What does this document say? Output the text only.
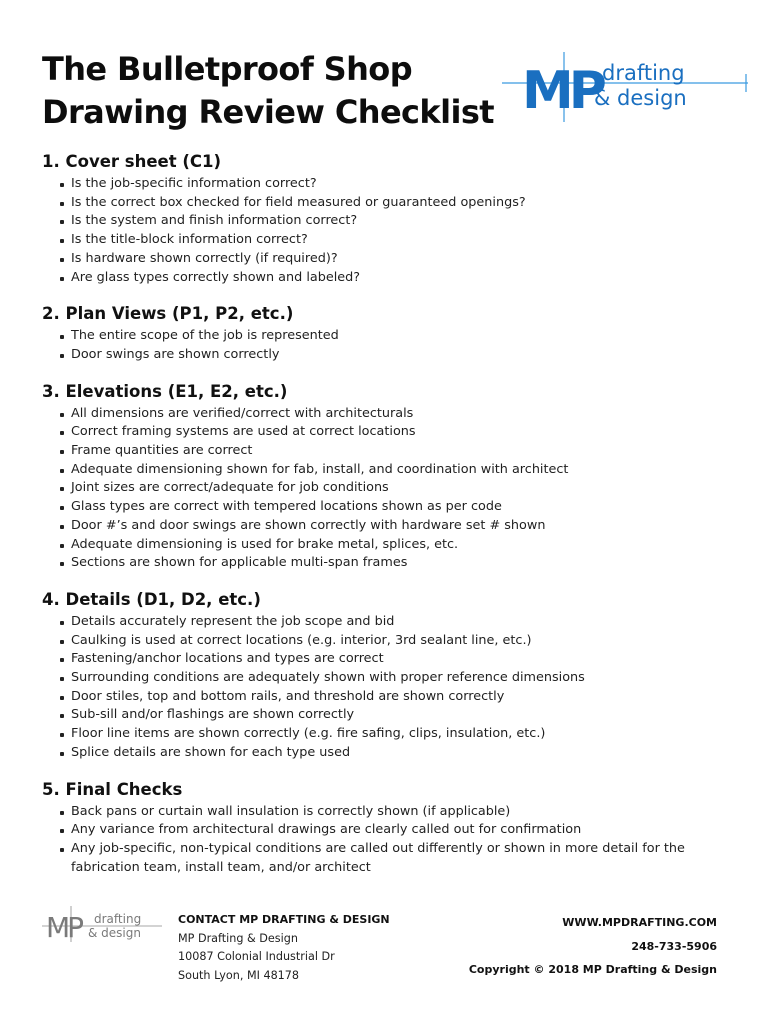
The Bulletproof Shop
Drawing Review Checklist MP drafting
& design
1. Cover sheet (C1)
Is the job-specific information correct?
Is the correct box checked for field measured or guaranteed openings?
Is the system and finish information correct?
Is the title-block information correct?
Is hardware shown correctly (if required)?
Are glass types correctly shown and labeled?
2. Plan Views (P1, P2, etc.)
The entire scope of the job is represented
Door swings are shown correctly
3. Elevations (E1, E2, etc.)
All dimensions are verified/correct with architecturals
Correct framing systems are used at correct locations
Frame quantities are correct
Adequate dimensioning shown for fab, install, and coordination with architect
Joint sizes are correct/adequate for job conditions
Glass types are correct with tempered locations shown as per code
Door #’s and door swings are shown correctly with hardware set # shown
Adequate dimensioning is used for brake metal, splices, etc.
Sections are shown for applicable multi-span frames
4. Details (D1, D2, etc.)
Details accurately represent the job scope and bid
Caulking is used at correct locations (e.g. interior, 3rd sealant line, etc.)
Fastening/anchor locations and types are correct
Surrounding conditions are adequately shown with proper reference dimensions
Door stiles, top and bottom rails, and threshold are shown correctly
Sub-sill and/or flashings are shown correctly
Floor line items are shown correctly (e.g. fire safing, clips, insulation, etc.)
Splice details are shown for each type used
5. Final Checks
Back pans or curtain wall insulation is correctly shown (if applicable)
Any variance from architectural drawings are clearly called out for confirmation
Any job-specific, non-typical conditions are called out differently or shown in more detail for the fabrication team, install team, and/or architect
MP drafting
& design
CONTACT MP DRAFTING & DESIGN
MP Drafting & Design
10087 Colonial Industrial Dr
South Lyon, MI 48178
WWW.MPDRAFTING.COM
248-733-5906
Copyright © 2018 MP Drafting & Design
